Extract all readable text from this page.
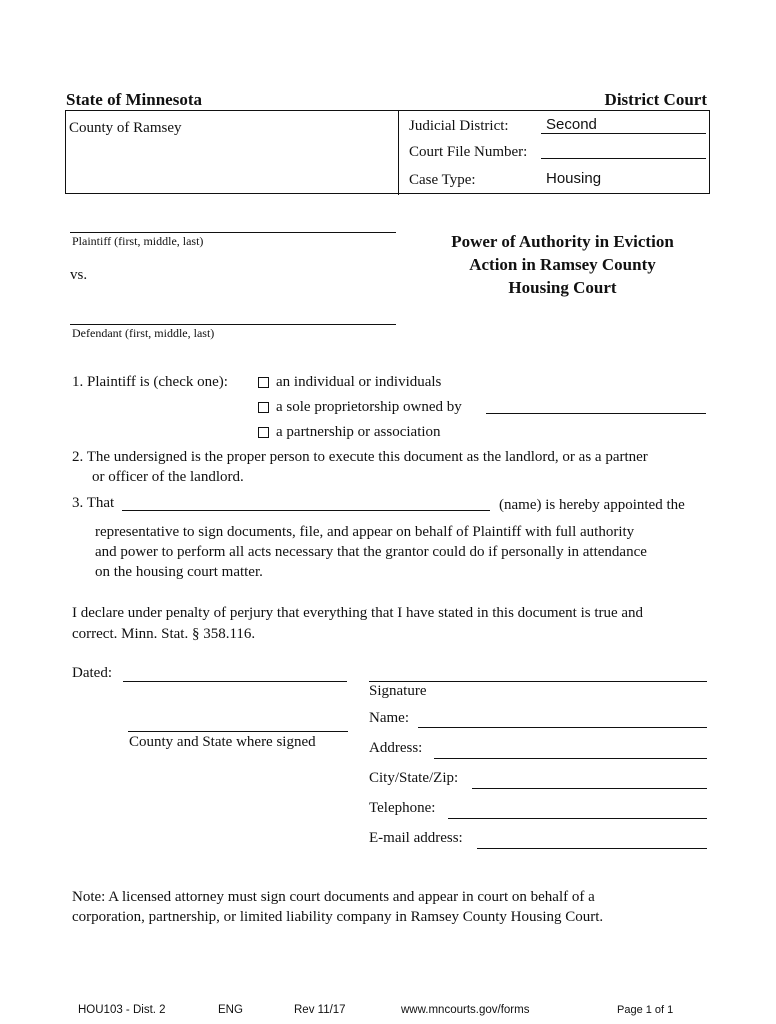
State of Minnesota	District Court
County of Ramsey	Judicial District: Second
Court File Number:
Case Type:	Housing
Plaintiff (first, middle, last)
vs.
Defendant (first, middle, last)
Power of Authority in Eviction
Action in Ramsey County
Housing Court
1. Plaintiff is (check one):	an individual or individuals
a sole proprietorship owned by
a partnership or association
2. The undersigned is the proper person to execute this document as the landlord, or as a partner
or officer of the landlord.
3. That	(name) is hereby appointed the
representative to sign documents, file, and appear on behalf of Plaintiff with full authority
and power to perform all acts necessary that the grantor could do if personally in attendance
on the housing court matter.
I declare under penalty of perjury that everything that I have stated in this document is true and
correct. Minn. Stat. § 358.116.
Dated:
County and State where signed
Signature
Name:
Address:
City/State/Zip:
Telephone:
E-mail address:
Note: A licensed attorney must sign court documents and appear in court on behalf of a
corporation, partnership, or limited liability company in Ramsey County Housing Court.
HOU103 - Dist. 2	ENG	Rev 11/17	www.mncourts.gov/forms	Page 1 of 1
